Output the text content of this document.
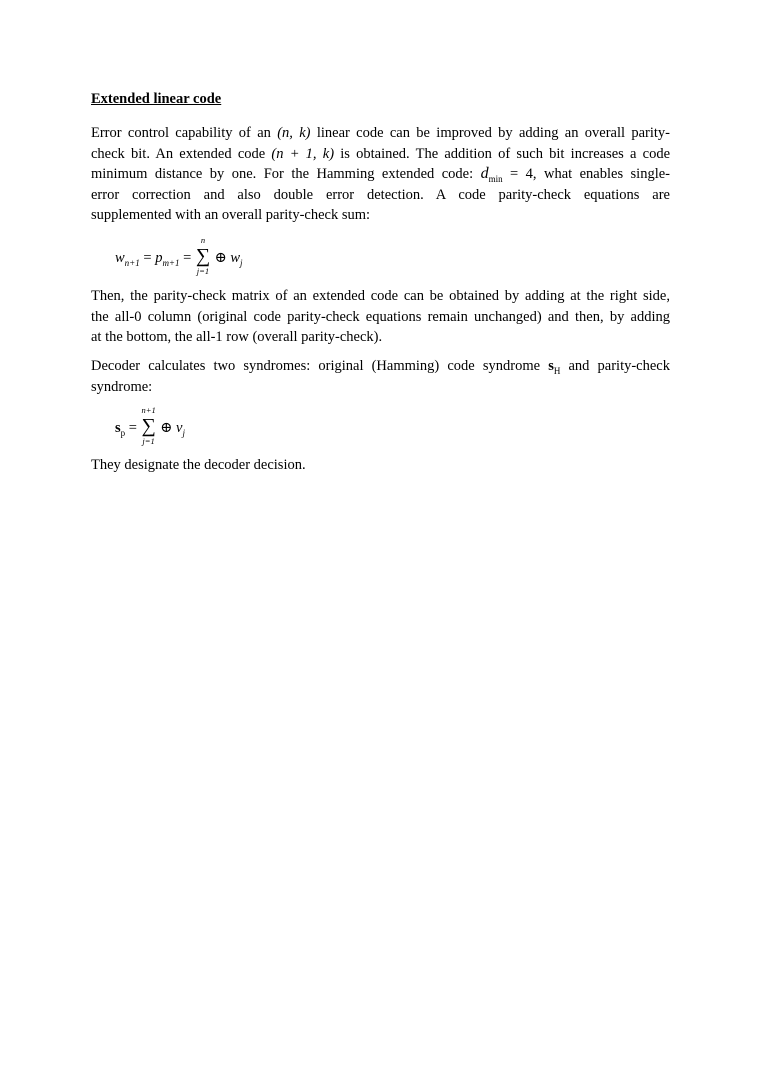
Extended linear code
Error control capability of an (n, k) linear code can be improved by adding an overall parity-
check bit. An extended code (n + 1, k) is obtained. The addition of such bit increases a code
minimum distance by one. For the Hamming extended code: $d_{min} = 4$, what enables single-
error correction and also double error detection. A code parity-check equations are
supplemented with an overall parity-check sum:
$w_{n+1} = p_{m+1}$ =
n
∑
j=1
⊕ $w_j$
Then, the parity-check matrix of an extended code can be obtained by adding at the right side,
the all-0 column (original code parity-check equations remain unchanged) and then, by adding
at the bottom, the all-1 row (overall parity-check).
Decoder calculates two syndromes: original (Hamming) code syndrome $s_H$ and parity-check
syndrome:
$s_p$ =
n+1
∑
j=1
⊕ $v_j$
They designate the decoder decision.
